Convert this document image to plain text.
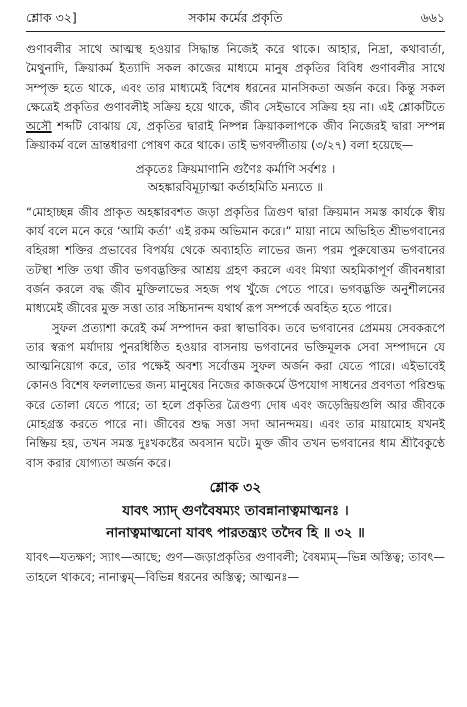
শ্লোক ৩২]	সকাম কর্মের প্রকৃতি	৬৬১

গুণাবলীর সাথে আত্মস্থ হওয়ার সিদ্ধান্ত নিজেই করে থাকে। আহার, নিদ্রা, কথাবার্তা, মৈথুনাদি, ক্রিয়াকর্ম ইত্যাদি সকল কাজের মাধ্যমে মানুষ প্রকৃতির বিবিধ গুণাবলীর সাথে সম্পৃক্ত হতে থাকে, এবং তার মাধ্যমেই বিশেষ ধরনের মানসিকতা অর্জন করে। কিন্তু সকল ক্ষেত্রেই প্রকৃতির গুণাবলীই সক্রিয় হয়ে থাকে, জীব সেইভাবে সক্রিয় হয় না। এই শ্লোকটিতে অসৌ শব্দটি বোঝায় যে, প্রকৃতির দ্বারাই নিষ্পন্ন ক্রিয়াকলাপকে জীব নিজেরই দ্বারা সম্পন্ন ক্রিয়াকর্ম বলে ভ্রান্তধারণা পোষণ করে থাকে। তাই ভগবদ্গীতায় (৩/২৭) বলা হয়েছে—

প্রকৃতেঃ ক্রিয়মাণানি গুণৈঃ কর্মাণি সর্বশঃ ।
অহঙ্কারবিমূঢ়াত্মা কর্তাহমিতি মন্যতে ॥

“মোহাচ্ছন্ন জীব প্রাকৃত অহঙ্কারবশত জড়া প্রকৃতির ত্রিগুণ দ্বারা ক্রিয়মান সমস্ত কার্যকে স্বীয় কার্য বলে মনে করে ‘আমি কর্তা’ এই রকম অভিমান করে।” মায়া নামে অভিহিত শ্রীভগবানের বহিরঙ্গা শক্তির প্রভাবের বিপর্যয় থেকে অব্যাহতি লাভের জন্য পরম পুরুষোত্তম ভগবানের তটস্থা শক্তি তথা জীব ভগবদ্ভক্তির আশ্রয় গ্রহণ করলে এবং মিথ্যা অহমিকাপূর্ণ জীবনধারা বর্জন করলে বদ্ধ জীব মুক্তিলাভের সহজ পথ খুঁজে পেতে পারে। ভগবদ্ভক্তি অনুশীলনের মাধ্যমেই জীবের মুক্ত সত্তা তার সচ্চিদানন্দ যথার্থ রূপ সম্পর্কে অবহিত হতে পারে।

সুফল প্রত্যাশা করেই কর্ম সম্পাদন করা স্বাভাবিক। তবে ভগবানের প্রেমময় সেবকরূপে তার স্বরূপ মর্যাদায় পুনরধিষ্ঠিত হওয়ার বাসনায় ভগবানের ভক্তিমূলক সেবা সম্পাদনে যে আত্মনিয়োগ করে, তার পক্ষেই অবশ্য সর্বোত্তম সুফল অর্জন করা যেতে পারে। এইভাবেই কোনও বিশেষ ফললাভের জন্য মানুষের নিজের কাজকর্মে উপযোগ সাধনের প্রবণতা পরিশুদ্ধ করে তোলা যেতে পারে; তা হলে প্রকৃতির ত্রৈগুণ্য দোষ এবং জড়েন্দ্রিয়গুলি আর জীবকে মোহগ্রস্ত করতে পারে না। জীবের শুদ্ধ সত্তা সদা আনন্দময়। এবং তার মায়ামোহ যখনই নিষ্ক্রিয় হয়, তখন সমস্ত দুঃখকষ্টের অবসান ঘটে। মুক্ত জীব তখন ভগবানের ধাম শ্রীবৈকুণ্ঠে বাস করার যোগ্যতা অর্জন করে।

শ্লোক ৩২
যাবৎ স্যাদ্ গুণবৈষম্যং তাবন্নানাত্বমাত্মনঃ ।
নানাত্বমাত্মনো যাবৎ পারতন্ত্র্যং তদৈব হি ॥ ৩২ ॥
যাবৎ—যতক্ষণ; স্যাৎ—আছে; গুণ—জড়াপ্রকৃতির গুণাবলী; বৈষম্যম্—ভিন্ন অস্তিত্ব; তাবৎ—তাহলে থাকবে; নানাত্বম্—বিভিন্ন ধরনের অস্তিত্ব; আত্মনঃ—
